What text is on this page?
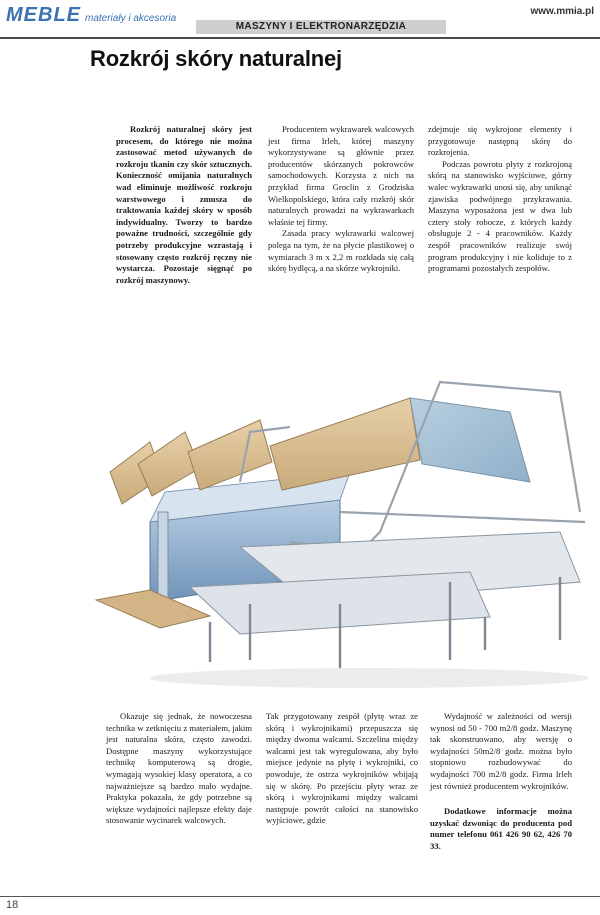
MEBLE materiały i akcesoria
www.mmia.pl
MASZYNY I ELEKTRONARZĘDZIA
Rozkrój skóry naturalnej

Rozkrój naturalnej skóry jest procesem, do którego nie można zastosować metod używanych do rozkroju tkanin czy skór sztucznych. Konieczność omijania naturalnych wad eliminuje możliwość rozkroju warstwowego i zmusza do traktowania każdej skóry w sposób indywidualny. Tworzy to bardzo poważne trudności, szczególnie gdy potrzeby produkcyjne wzrastają i stosowany często rozkrój ręczny nie wystarcza. Pozostaje sięgnąć po rozkrój maszynowy.

Producentem wykrawarek walcowych jest firma Irleh, której maszyny wykorzystywane są głównie przez producentów skórzanych pokrowców samochodowych. Korzysta z nich na przykład firma Groclin z Grodziska Wielkopolskiego, która cały rozkrój skór naturalnych prowadzi na wykrawarkach właśnie tej firmy.

Zasada pracy wykrawarki walcowej polega na tym, że na płycie plastikowej o wymiarach 3 m x 2,2 m rozkłada się całą skórę bydlęcą, a na skórze wykrojniki.

zdejmuje się wykrojone elementy i przygotowuje następną skórę do rozkrojenia.

Podczas powrotu płyty z rozkrojoną skórą na stanowisko wyjściowe, górny walec wykrawarki unosi się, aby uniknąć zjawiska podwójnego przykrawania. Maszyna wyposażona jest w dwa lub cztery stoły robocze, z których każdy obsługuje 2 - 4 pracowników. Każdy zespół pracowników realizuje swój program produkcyjny i nie koliduje to z programami pozostałych zespołów.

Okazuje się jednak, że nowoczesna technika w zetknięciu z materiałem, jakim jest naturalna skóra, często zawodzi. Dostępne maszyny wykorzystujące technikę komputerową są drogie, wymagają wysokiej klasy operatora, a co najważniejsze są bardzo mało wydajne. Praktyka pokazała, że gdy potrzebne są większe wydajności najlepsze efekty daje stosowanie wycinarek walcowych.

Tak przygotowany zespół (płytę wraz ze skórą i wykrojnikami) przepuszcza się między dwoma walcami. Szczelina między walcami jest tak wyregulowana, aby było miejsce jedynie na płytę i wykrojniki, co powoduje, że ostrza wykrojników wbijają się w skórę. Po przejściu płyty wraz ze skórą i wykrojnikami między walcami następuje powrót całości na stanowisko wyjściowe, gdzie

Wydajność w zależności od wersji wynosi od 50 - 700 m2/8 godz. Maszynę tak skonstruowano, aby wersję o wydajności 50m2/8 godz. można było stopniowo rozbudowywać do wydajności 700 m2/8 godz. Firma Irleh jest również producentem wykrojników.

Dodatkowe informacje można uzyskać dzwoniąc do producenta pod numer telefonu 061 426 90 62, 426 70 33.

18
